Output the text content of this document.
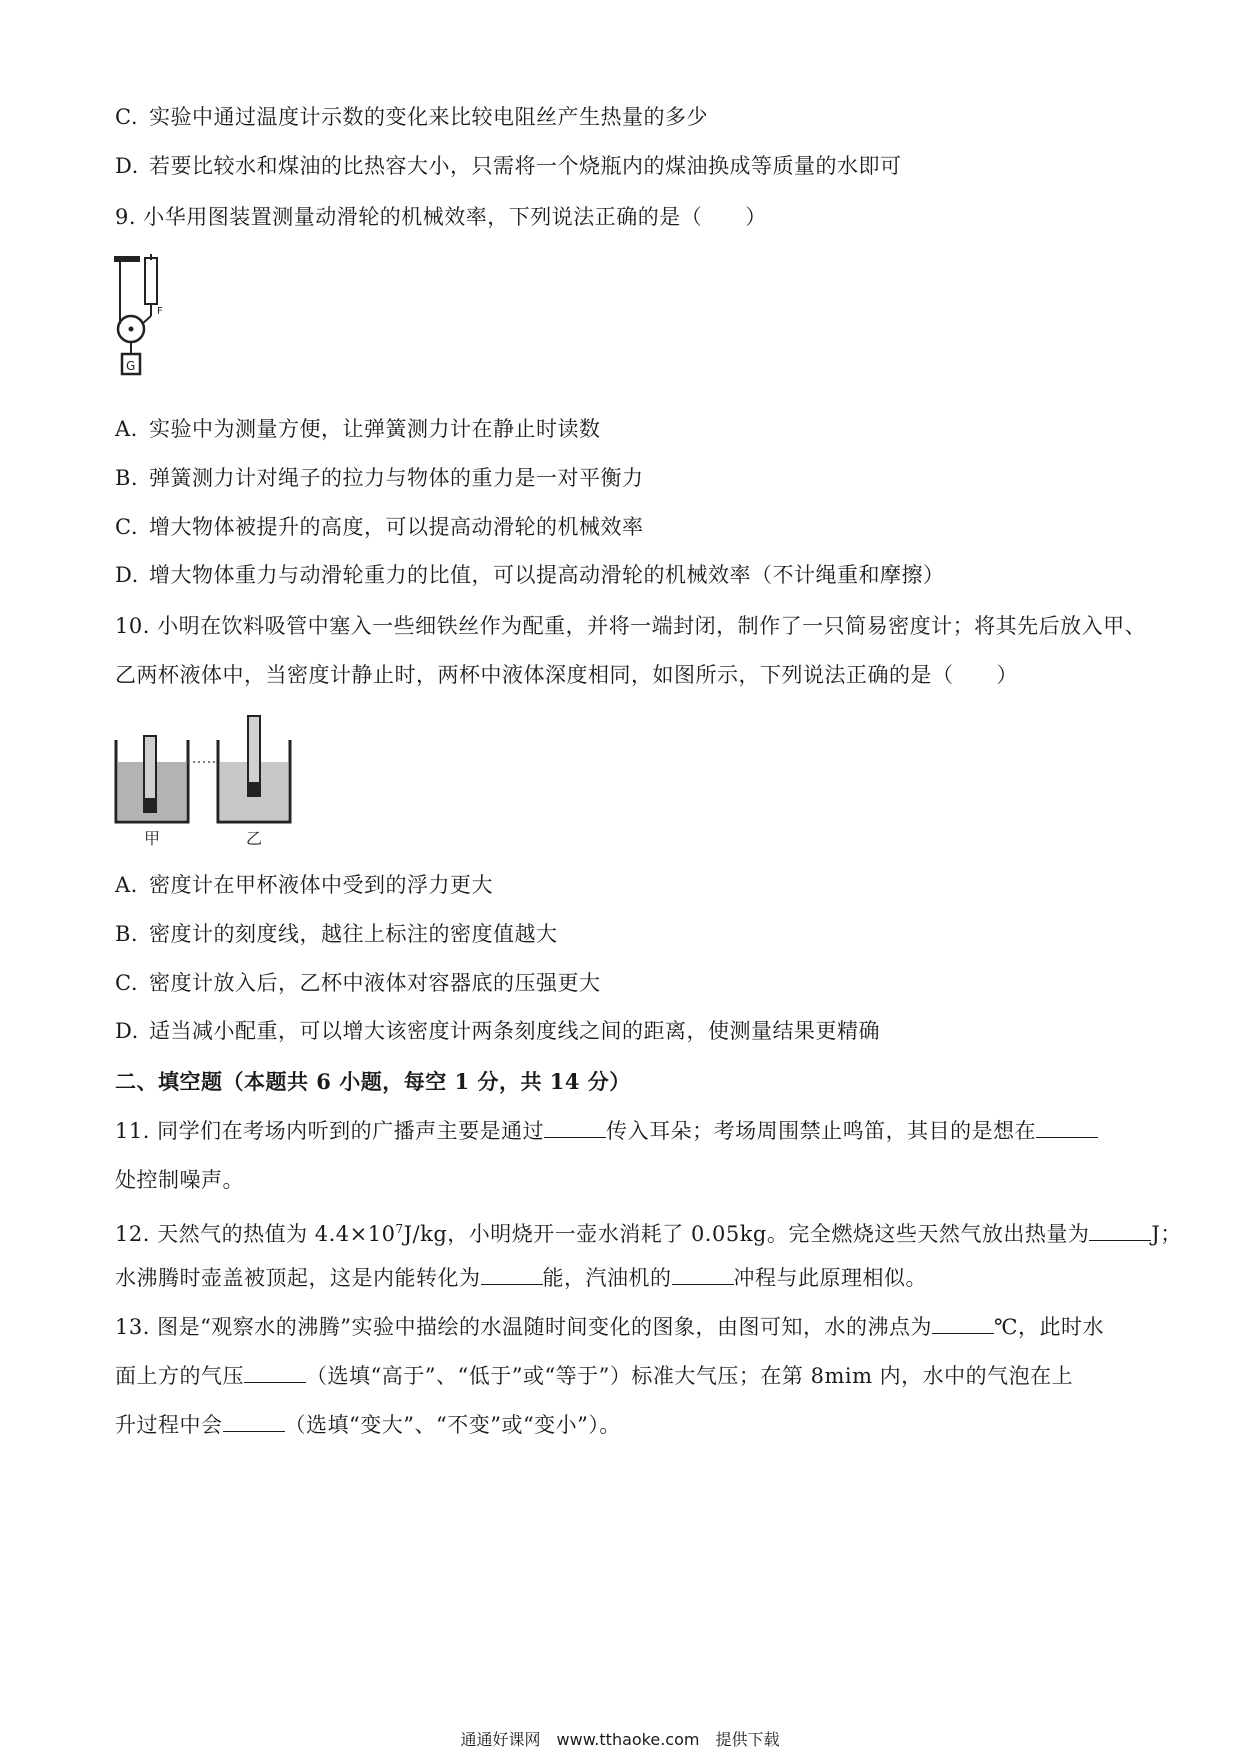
C. 实验中通过温度计示数的变化来比较电阻丝产生热量的多少
D. 若要比较水和煤油的比热容大小，只需将一个烧瓶内的煤油换成等质量的水即可
9. 小华用图装置测量动滑轮的机械效率，下列说法正确的是（　　）
F
G
A. 实验中为测量方便，让弹簧测力计在静止时读数
B. 弹簧测力计对绳子的拉力与物体的重力是一对平衡力
C. 增大物体被提升的高度，可以提高动滑轮的机械效率
D. 增大物体重力与动滑轮重力的比值，可以提高动滑轮的机械效率（不计绳重和摩擦）
10. 小明在饮料吸管中塞入一些细铁丝作为配重，并将一端封闭，制作了一只简易密度计；将其先后放入甲、
乙两杯液体中，当密度计静止时，两杯中液体深度相同，如图所示，下列说法正确的是（　　）
甲	乙
A. 密度计在甲杯液体中受到的浮力更大
B. 密度计的刻度线，越往上标注的密度值越大
C. 密度计放入后，乙杯中液体对容器底的压强更大
D. 适当减小配重，可以增大该密度计两条刻度线之间的距离，使测量结果更精确
二、填空题（本题共 6 小题，每空 1 分，共 14 分）
11. 同学们在考场内听到的广播声主要是通过	传入耳朵；考场周围禁止鸣笛，其目的是想在
处控制噪声。
12. 天然气的热值为 $4.4\times 10^7J/kg$，小明烧开一壶水消耗了 0.05kg。完全燃烧这些天然气放出热量为	J；
水沸腾时壶盖被顶起，这是内能转化为	能，汽油机的	冲程与此原理相似。
13. 图是“观察水的沸腾”实验中描绘的水温随时间变化的图象，由图可知，水的沸点为	℃，此时水
面上方的气压	（选填“高于”、“低于”或“等于”）标准大气压；在第 8mim 内，水中的气泡在上
升过程中会	（选填“变大”、“不变”或“变小”）。
通通好课网 www.tthaoke.com 提供下载
